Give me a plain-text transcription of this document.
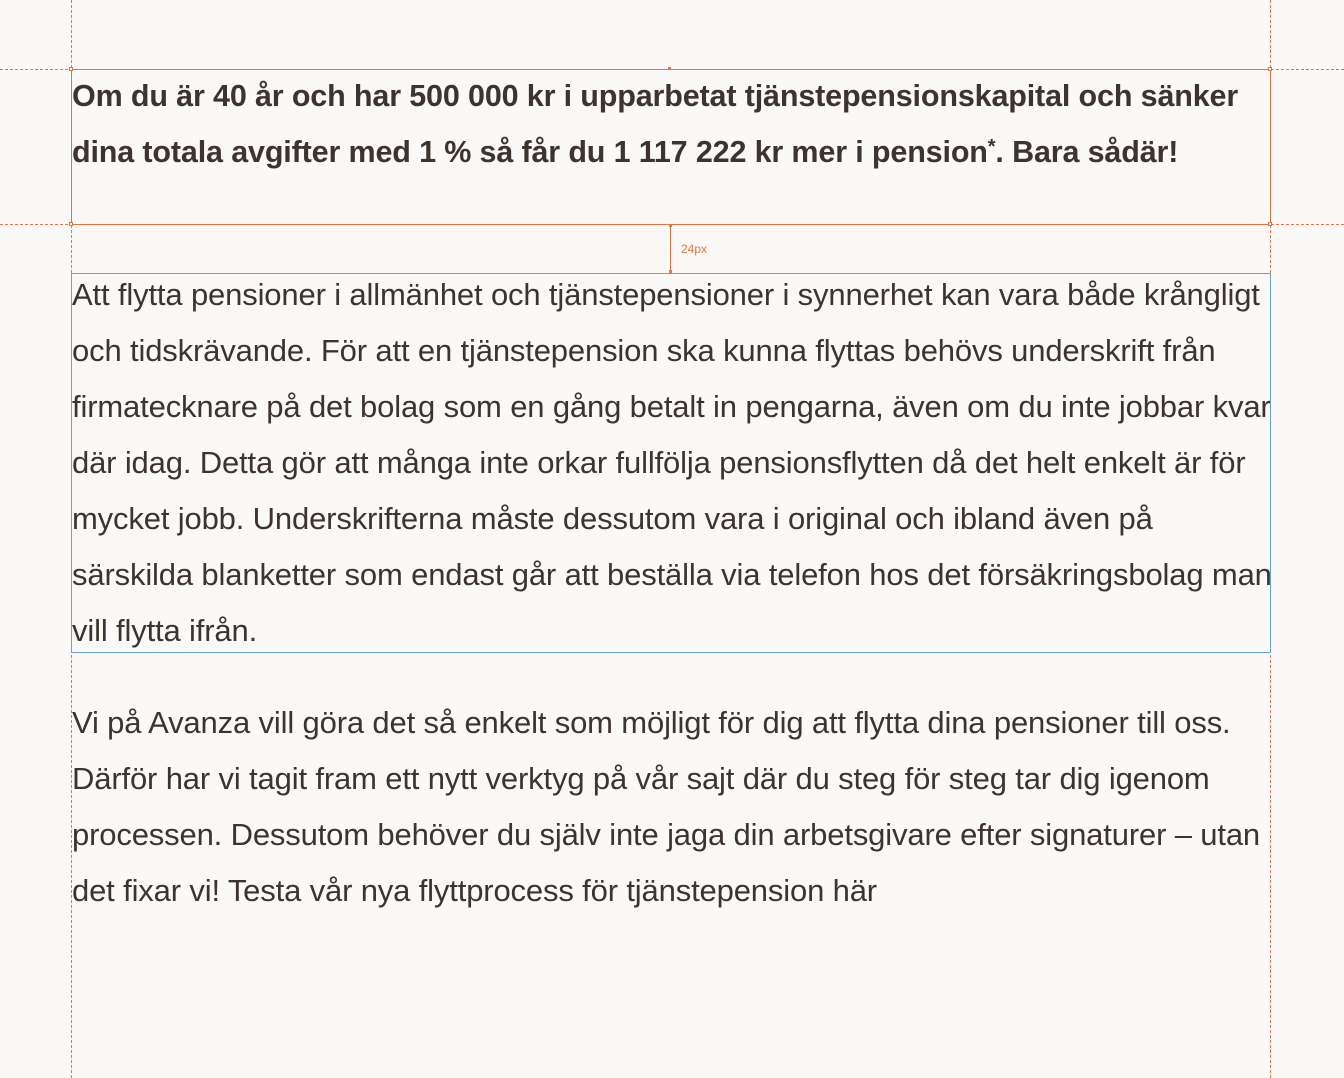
24px
Om du är 40 år och har 500 000 kr i upparbetat tjänstepensionskapital och sänker dina totala avgifter med 1 % så får du 1 117 222 kr mer i pension*. Bara sådär!

Att flytta pensioner i allmänhet och tjänstepensioner i synnerhet kan vara både krångligt och tidskrävande. För att en tjänstepension ska kunna flyttas behövs underskrift från firmatecknare på det bolag som en gång betalt in pengarna, även om du inte jobbar kvar där idag. Detta gör att många inte orkar fullfölja pensionsflytten då det helt enkelt är för mycket jobb. Underskrifterna måste dessutom vara i original och ibland även på särskilda blanketter som endast går att beställa via telefon hos det försäkringsbolag man vill flytta ifrån.

Vi på Avanza vill göra det så enkelt som möjligt för dig att flytta dina pensioner till oss. Därför har vi tagit fram ett nytt verktyg på vår sajt där du steg för steg tar dig igenom processen. Dessutom behöver du själv inte jaga din arbetsgivare efter signaturer – utan det fixar vi! Testa vår nya flyttprocess för tjänstepension här
